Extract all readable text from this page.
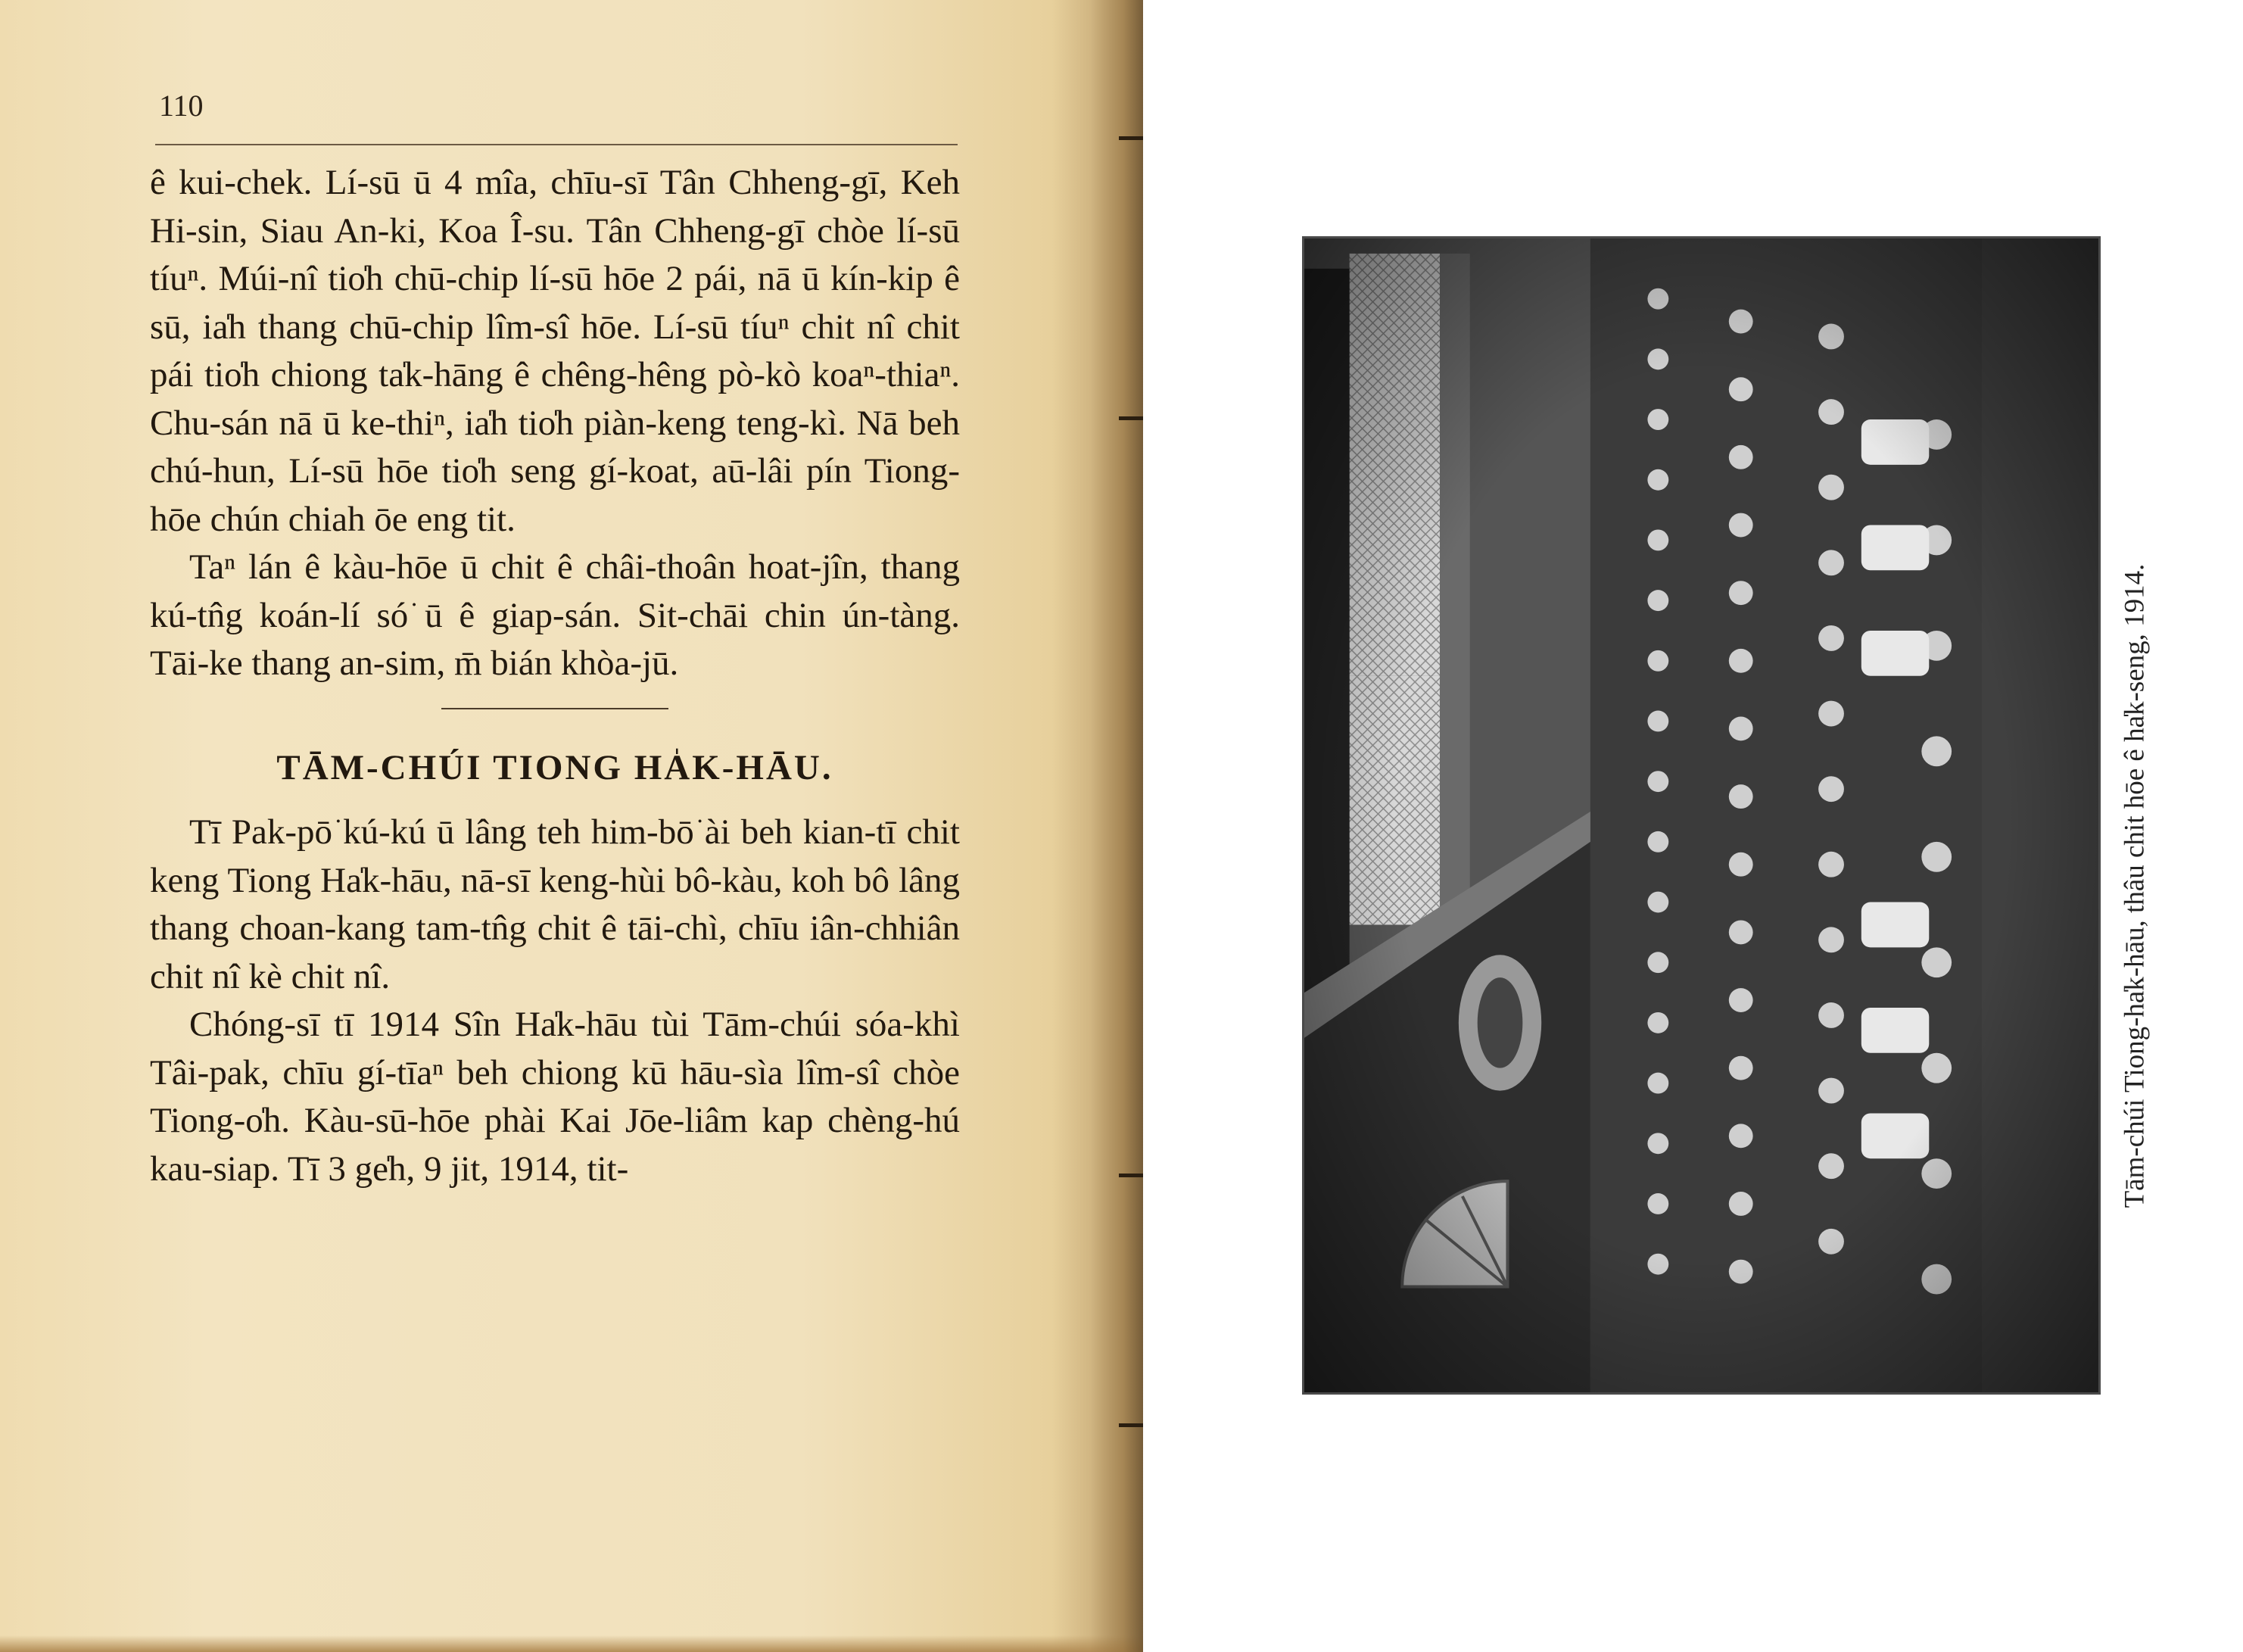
110

ê kui-chek. Lí-sū ū 4 mîa, chīu-sī Tân Chheng-gī, Keh Hi-sin, Siau An-ki, Koa Î-su. Tân Chheng-gī chòe lí-sū tíuⁿ. Múi-nî tio̍h chū-chip lí-sū hōe 2 pái, nā ū kín-kip ê sū, ia̍h thang chū-chip lîm-sî hōe. Lí-sū tíuⁿ chit nî chit pái tio̍h chiong ta̍k-hāng ê chêng-hêng pò-kò koaⁿ-thiaⁿ. Chu-sán nā ū ke-thiⁿ, ia̍h tio̍h piàn-keng teng-kì. Nā beh chú-hun, Lí-sū hōe tio̍h seng gí-koat, aū-lâi pín Tiong-hōe chún chiah ōe eng tit.

Taⁿ lán ê kàu-hōe ū chit ê châi-thoân hoat-jîn, thang kú-tn̂g koán-lí só͘ ū ê giap-sán. Sit-chāi chin ún-tàng. Tāi-ke thang an-sim, m̄ bián khòa-jū.

TĀM-CHÚI TIONG HA̍K-HĀU.

Tī Pak-pō͘ kú-kú ū lâng teh him-bō͘ ài beh kian-tī chit keng Tiong Ha̍k-hāu, nā-sī keng-hùi bô-kàu, koh bô lâng thang choan-kang tam-tn̂g chit ê tāi-chì, chīu iân-chhiân chit nî kè chit nî.

Chóng-sī tī 1914 Sîn Ha̍k-hāu tùi Tām-chúi sóa-khì Tâi-pak, chīu gí-tīaⁿ beh chiong kū hāu-sìa lîm-sî chòe Tiong-o̍h. Kàu-sū-hōe phài Kai Jōe-liâm kap chèng-hú kau-siap. Tī 3 ge̍h, 9 jit, 1914, tit-	Tām-chúi Tiong-ha̍k-hāu, thâu chit hōe ê ha̍k-seng, 1914.
